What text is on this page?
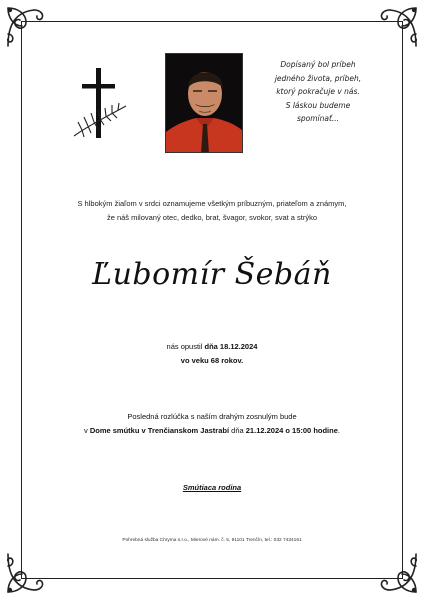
Dopísaný bol príbeh
jedného života, príbeh,
ktorý pokračuje v nás.
S láskou budeme
spomínať...
S hlbokým žiaľom v srdci oznamujeme všetkým príbuzným, priateľom a známym,
že náš milovaný otec, dedko, brat, švagor, svokor, svat a strýko
Ľubomír Šebáň
nás opustil dňa 18.12.2024
vo veku 68 rokov.
Posledná rozlúčka s naším drahým zosnulým bude
v Dome smútku v Trenčianskom Jastrabí dňa 21.12.2024 o 15:00 hodine.
Smútiaca rodina
Pohrebná služba Chryma s.r.o., Mierové nám. č. 5, 91101 Trenčín, tel.: 032 7434161
